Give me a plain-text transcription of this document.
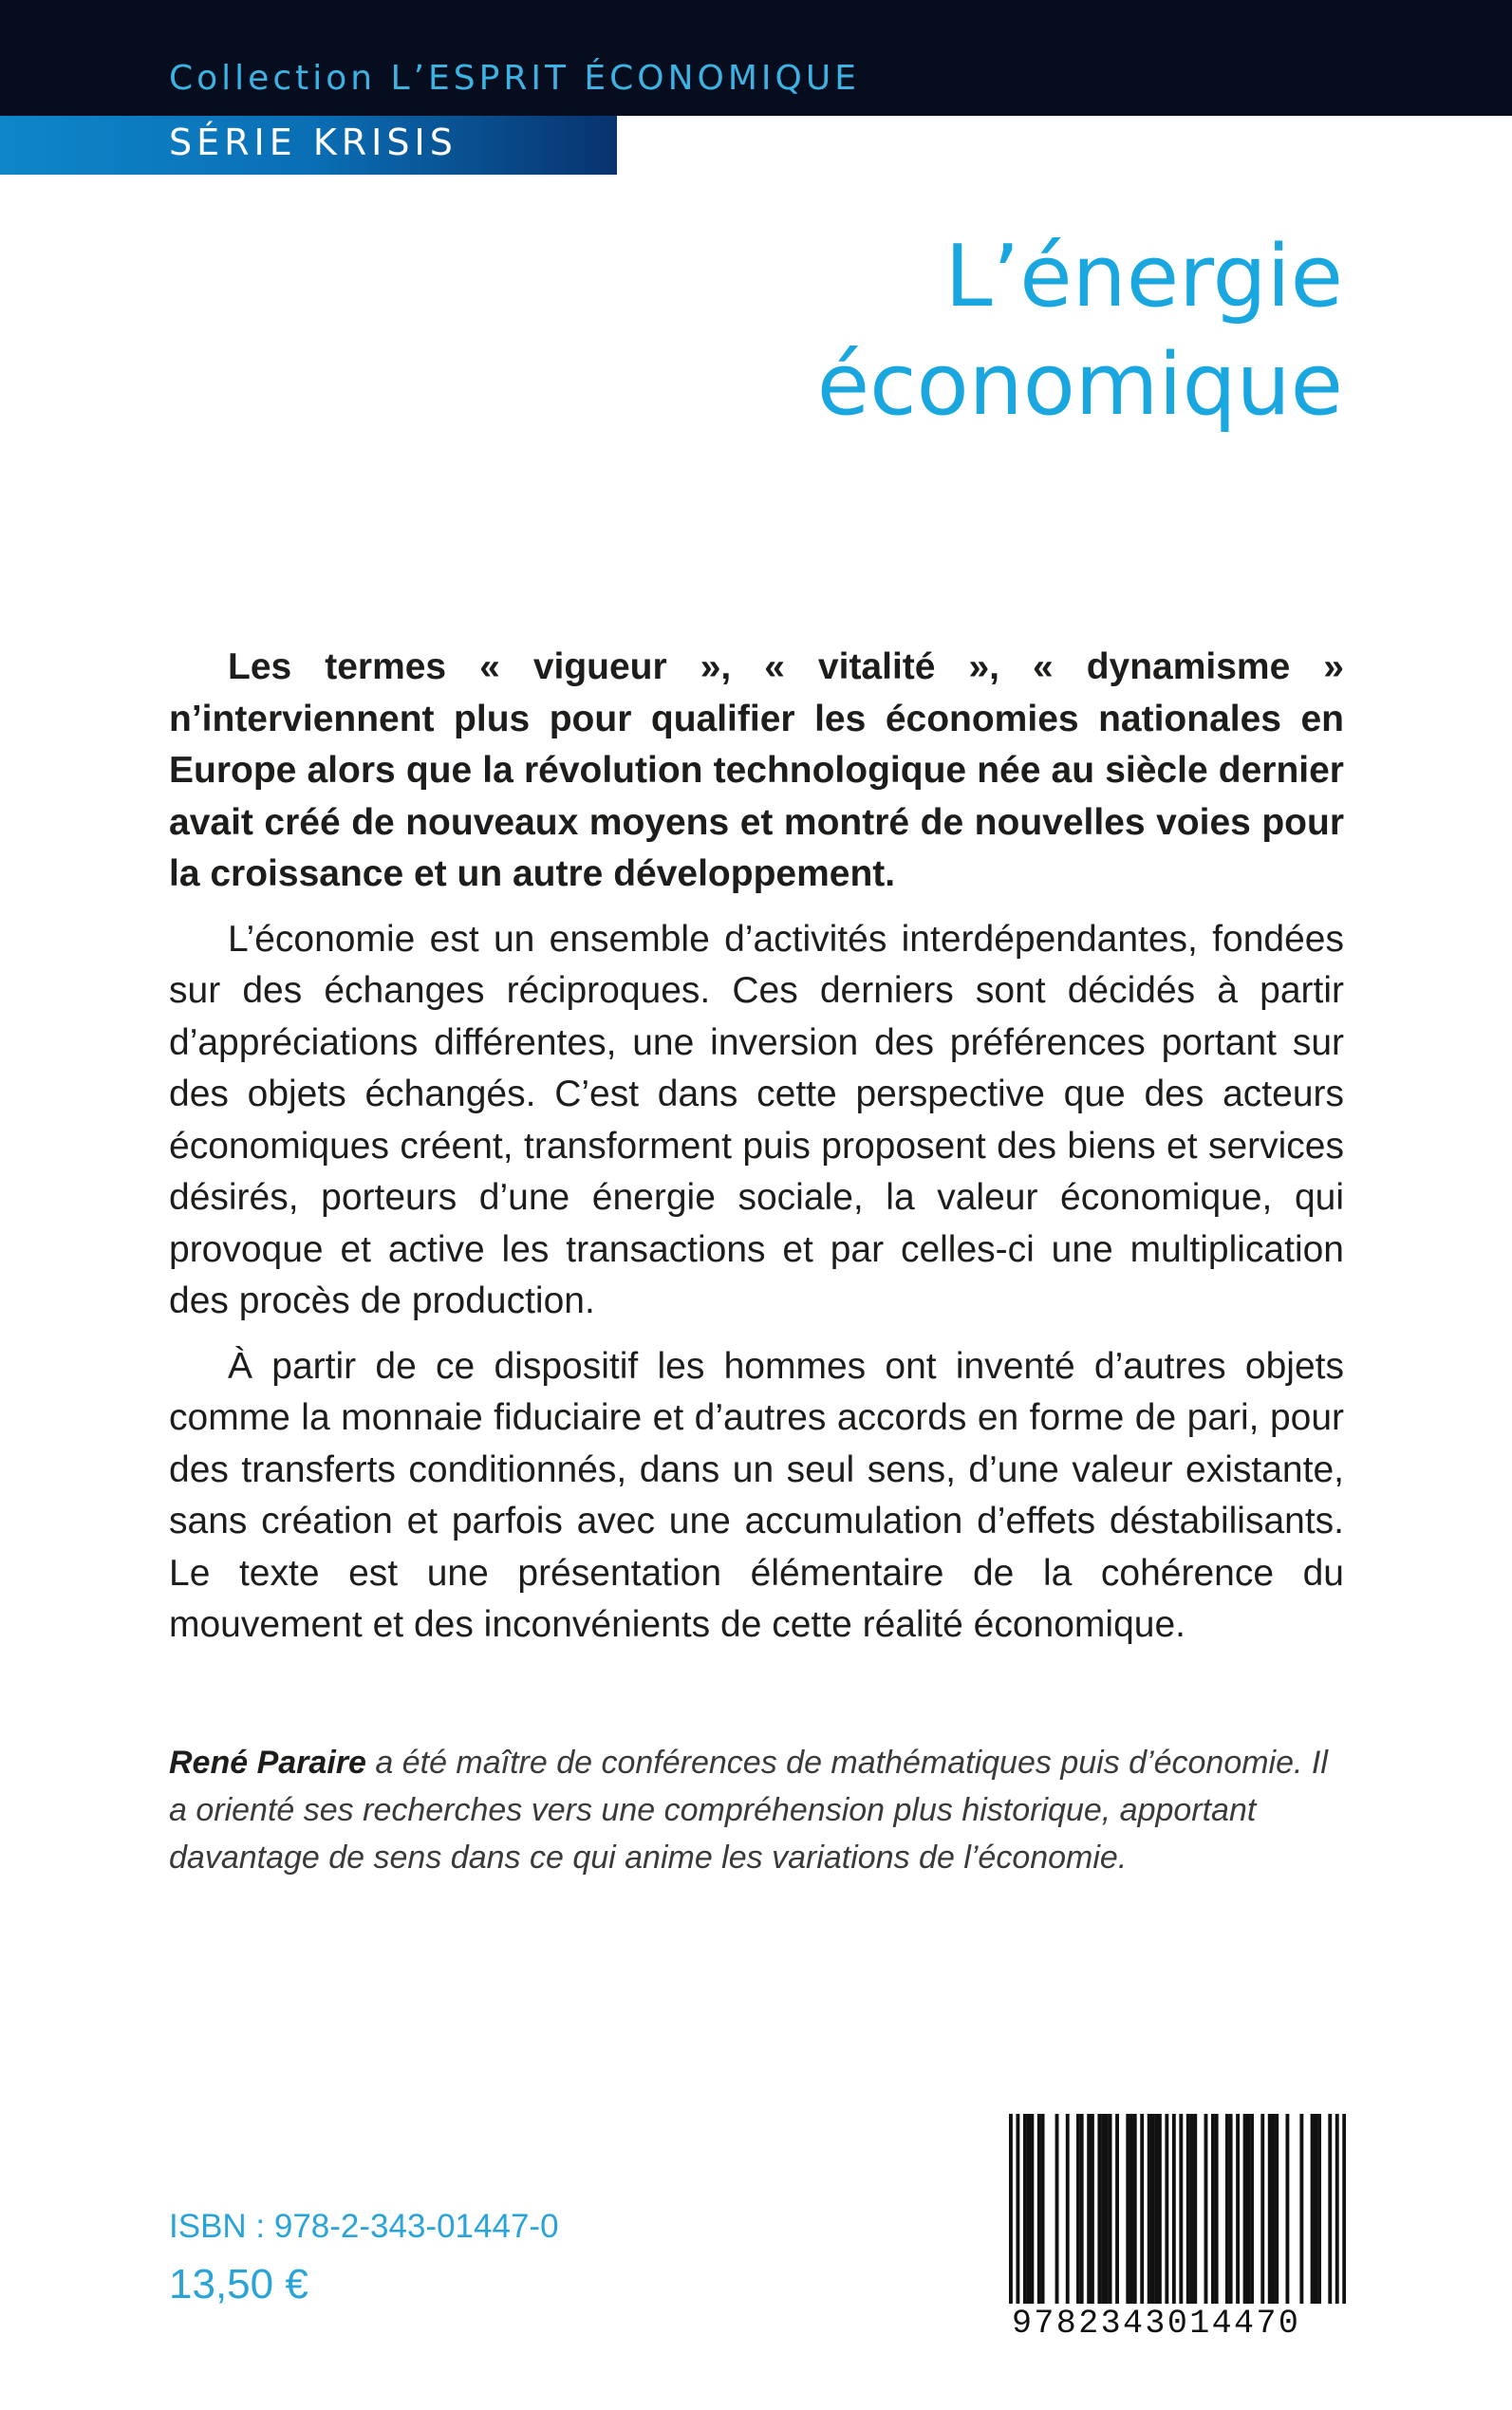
Collection L’ESPRIT ÉCONOMIQUE
SÉRIE KRISIS
L’énergie
économique

Les termes « vigueur », « vitalité », « dynamisme » n’interviennent plus pour qualifier les économies nationales en Europe alors que la révolution technologique née au siècle dernier avait créé de nouveaux moyens et montré de nouvelles voies pour la croissance et un autre développement.

L’économie est un ensemble d’activités interdépendantes, fondées sur des échanges réciproques. Ces derniers sont décidés à partir d’appréciations différentes, une inversion des préférences portant sur des objets échangés. C’est dans cette perspective que des acteurs économiques créent, transforment puis proposent des biens et services désirés, porteurs d’une énergie sociale, la valeur économique, qui provoque et active les transactions et par celles-ci une multiplication des procès de production.

À partir de ce dispositif les hommes ont inventé d’autres objets comme la monnaie fiduciaire et d’autres accords en forme de pari, pour des transferts conditionnés, dans un seul sens, d’une valeur existante, sans création et parfois avec une accumulation d’effets déstabilisants. Le texte est une présentation élémentaire de la cohérence du mouvement et des inconvénients de cette réalité économique.

René Paraire a été maître de conférences de mathématiques puis d’économie. Il a orienté ses recherches vers une compréhension plus historique, apportant davantage de sens dans ce qui anime les variations de l’économie.
ISBN : 978-2-343-01447-0
13,50 €
9782343014470
